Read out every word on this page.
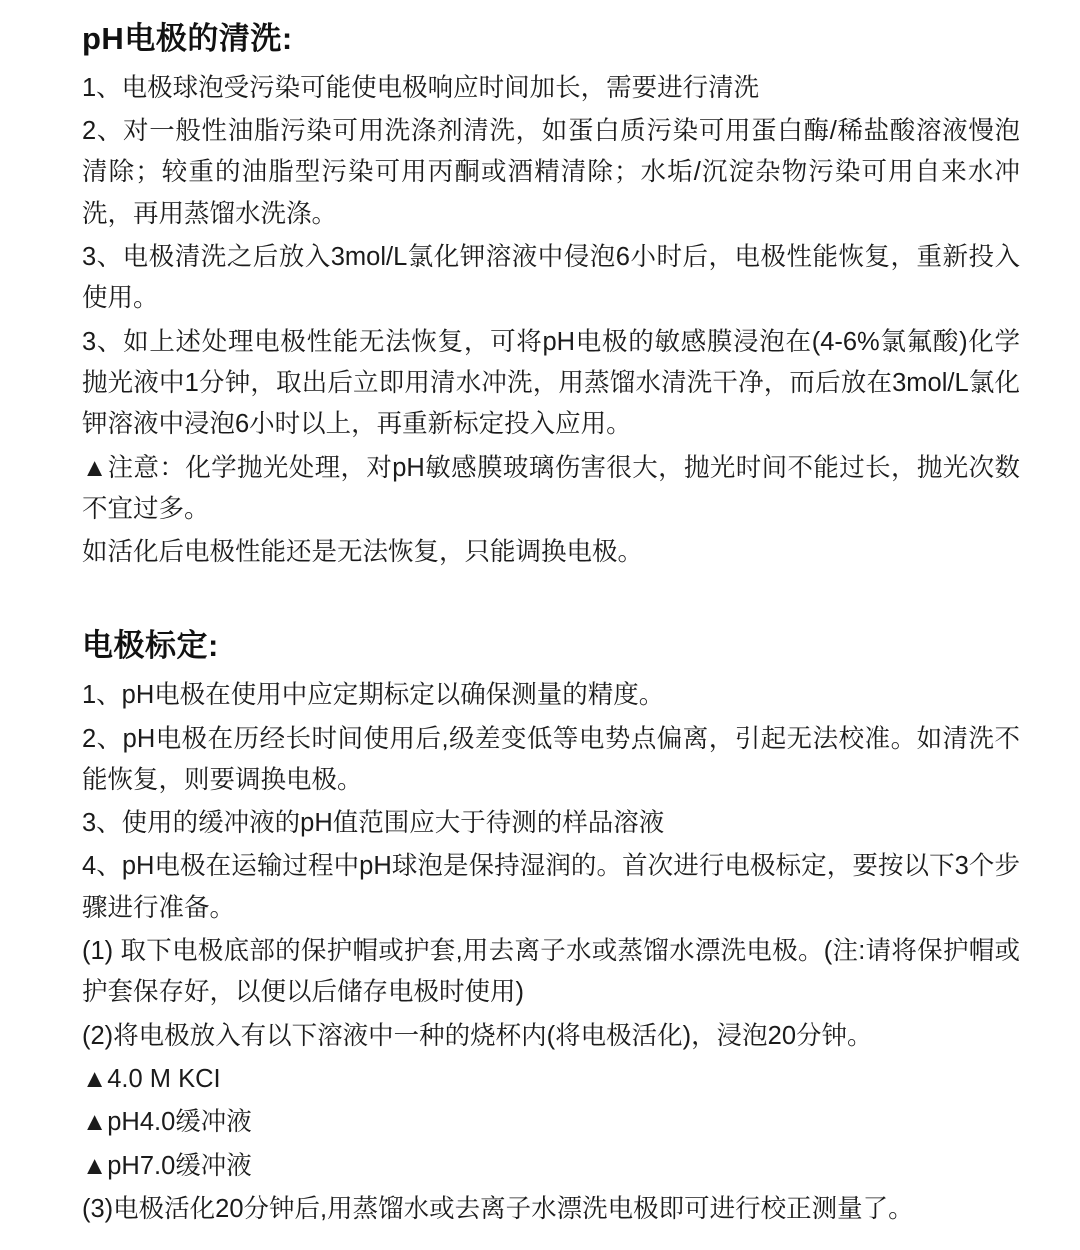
pH电极的清洗:

1、电极球泡受污染可能使电极响应时间加长，需要进行清洗

2、对一般性油脂污染可用洗涤剂清洗，如蛋白质污染可用蛋白酶/稀盐酸溶液慢泡清除；较重的油脂型污染可用丙酮或酒精清除；水垢/沉淀杂物污染可用自来水冲洗，再用蒸馏水洗涤。

3、电极清洗之后放入3mol/L氯化钾溶液中侵泡6小时后，电极性能恢复，重新投入使用。

3、如上述处理电极性能无法恢复，可将pH电极的敏感膜浸泡在(4-6%氯氟酸)化学抛光液中1分钟，取出后立即用清水冲洗，用蒸馏水清洗干净，而后放在3mol/L氯化钾溶液中浸泡6小时以上，再重新标定投入应用。

▲注意：化学抛光处理，对pH敏感膜玻璃伤害很大，抛光时间不能过长，抛光次数不宜过多。

如活化后电极性能还是无法恢复，只能调换电极。

电极标定:

1、pH电极在使用中应定期标定以确保测量的精度。

2、pH电极在历经长时间使用后,级差变低等电势点偏离，引起无法校准。如清洗不能恢复，则要调换电极。

3、使用的缓冲液的pH值范围应大于待测的样品溶液

4、pH电极在运输过程中pH球泡是保持湿润的。首次进行电极标定，要按以下3个步骤进行准备。

(1) 取下电极底部的保护帽或护套,用去离子水或蒸馏水漂洗电极。(注:请将保护帽或护套保存好，以便以后储存电极时使用)

(2)将电极放入有以下溶液中一种的烧杯内(将电极活化)，浸泡20分钟。

▲4.0 M KCI

▲pH4.0缓冲液

▲pH7.0缓冲液

(3)电极活化20分钟后,用蒸馏水或去离子水漂洗电极即可进行校正测量了。
